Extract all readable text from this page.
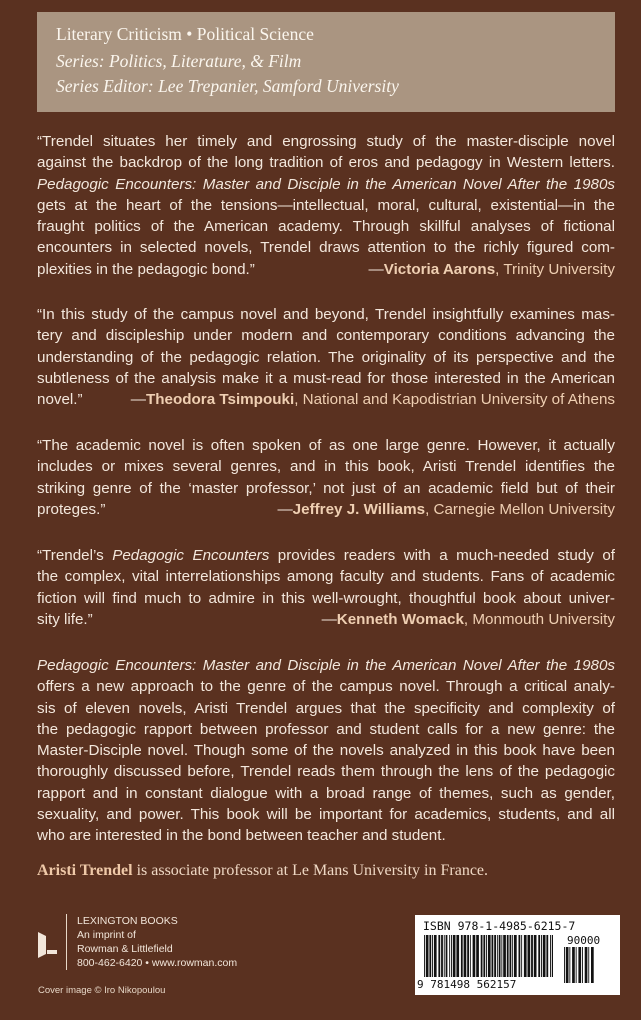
Literary Criticism • Political Science
Series: Politics, Literature, & Film
Series Editor: Lee Trepanier, Samford University
“Trendel situates her timely and engrossing study of the master-disciple novel
against the backdrop of the long tradition of eros and pedagogy in Western letters.
Pedagogic Encounters: Master and Disciple in the American Novel After the 1980s
gets at the heart of the tensions—intellectual, moral, cultural, existential—in the
fraught politics of the American academy. Through skillful analyses of fictional
encounters in selected novels, Trendel draws attention to the richly figured com-
plexities in the pedagogic bond.”	—Victoria Aarons, Trinity University
“In this study of the campus novel and beyond, Trendel insightfully examines mas-
tery and discipleship under modern and contemporary conditions advancing the
understanding of the pedagogic relation. The originality of its perspective and the
subtleness of the analysis make it a must-read for those interested in the American
novel.”	—Theodora Tsimpouki, National and Kapodistrian University of Athens
“The academic novel is often spoken of as one large genre. However, it actually
includes or mixes several genres, and in this book, Aristi Trendel identifies the
striking genre of the ‘master professor,’ not just of an academic field but of their
proteges.”	—Jeffrey J. Williams, Carnegie Mellon University
“Trendel’s Pedagogic Encounters provides readers with a much-needed study of
the complex, vital interrelationships among faculty and students. Fans of academic
fiction will find much to admire in this well-wrought, thoughtful book about univer-
sity life.”	—Kenneth Womack, Monmouth University
Pedagogic Encounters: Master and Disciple in the American Novel After the 1980s
offers a new approach to the genre of the campus novel. Through a critical analy-
sis of eleven novels, Aristi Trendel argues that the specificity and complexity of
the pedagogic rapport between professor and student calls for a new genre: the
Master-Disciple novel. Though some of the novels analyzed in this book have been
thoroughly discussed before, Trendel reads them through the lens of the pedagogic
rapport and in constant dialogue with a broad range of themes, such as gender,
sexuality, and power. This book will be important for academics, students, and all
who are interested in the bond between teacher and student.
Aristi Trendel is associate professor at Le Mans University in France.
LEXINGTON BOOKS
An imprint of
Rowman & Littlefield
800-462-6420 • www.rowman.com
Cover image © Iro Nikopoulou
ISBN 978-1-4985-6215-7
90000
9 781498 562157
